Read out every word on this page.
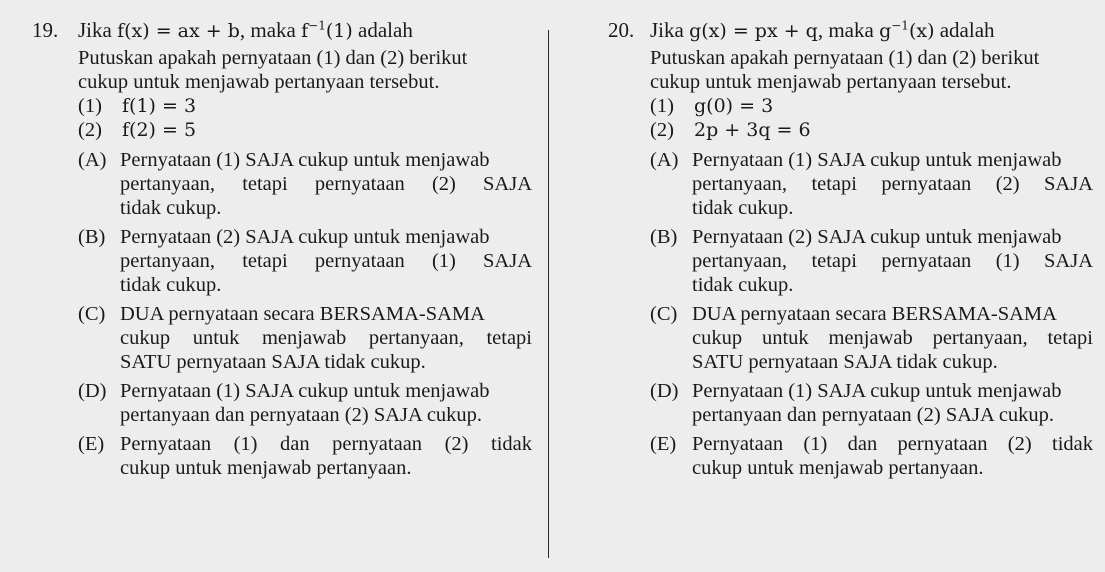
19. Jika f(x) = ax + b, maka $f^{-1}(1)$ adalah
Putuskan apakah pernyataan (1) dan (2) berikut
cukup untuk menjawab pertanyaan tersebut.
(1) f(1) = 3
(2) f(2) = 5
(A) Pernyataan (1) SAJA cukup untuk menjawab
pertanyaan, tetapi pernyataan (2) SAJA
tidak cukup.
(B) Pernyataan (2) SAJA cukup untuk menjawab
pertanyaan, tetapi pernyataan (1) SAJA
tidak cukup.
(C) DUA pernyataan secara BERSAMA-SAMA
cukup untuk menjawab pertanyaan, tetapi
SATU pernyataan SAJA tidak cukup.
(D) Pernyataan (1) SAJA cukup untuk menjawab
pertanyaan dan pernyataan (2) SAJA cukup.
(E) Pernyataan (1) dan pernyataan (2) tidak
cukup untuk menjawab pertanyaan.
20. Jika g(x) = px + q, maka $g^{-1}(x)$ adalah
Putuskan apakah pernyataan (1) dan (2) berikut
cukup untuk menjawab pertanyaan tersebut.
(1) g(0) = 3
(2) 2p + 3q = 6
(A) Pernyataan (1) SAJA cukup untuk menjawab
pertanyaan, tetapi pernyataan (2) SAJA
tidak cukup.
(B) Pernyataan (2) SAJA cukup untuk menjawab
pertanyaan, tetapi pernyataan (1) SAJA
tidak cukup.
(C) DUA pernyataan secara BERSAMA-SAMA
cukup untuk menjawab pertanyaan, tetapi
SATU pernyataan SAJA tidak cukup.
(D) Pernyataan (1) SAJA cukup untuk menjawab
pertanyaan dan pernyataan (2) SAJA cukup.
(E) Pernyataan (1) dan pernyataan (2) tidak
cukup untuk menjawab pertanyaan.
